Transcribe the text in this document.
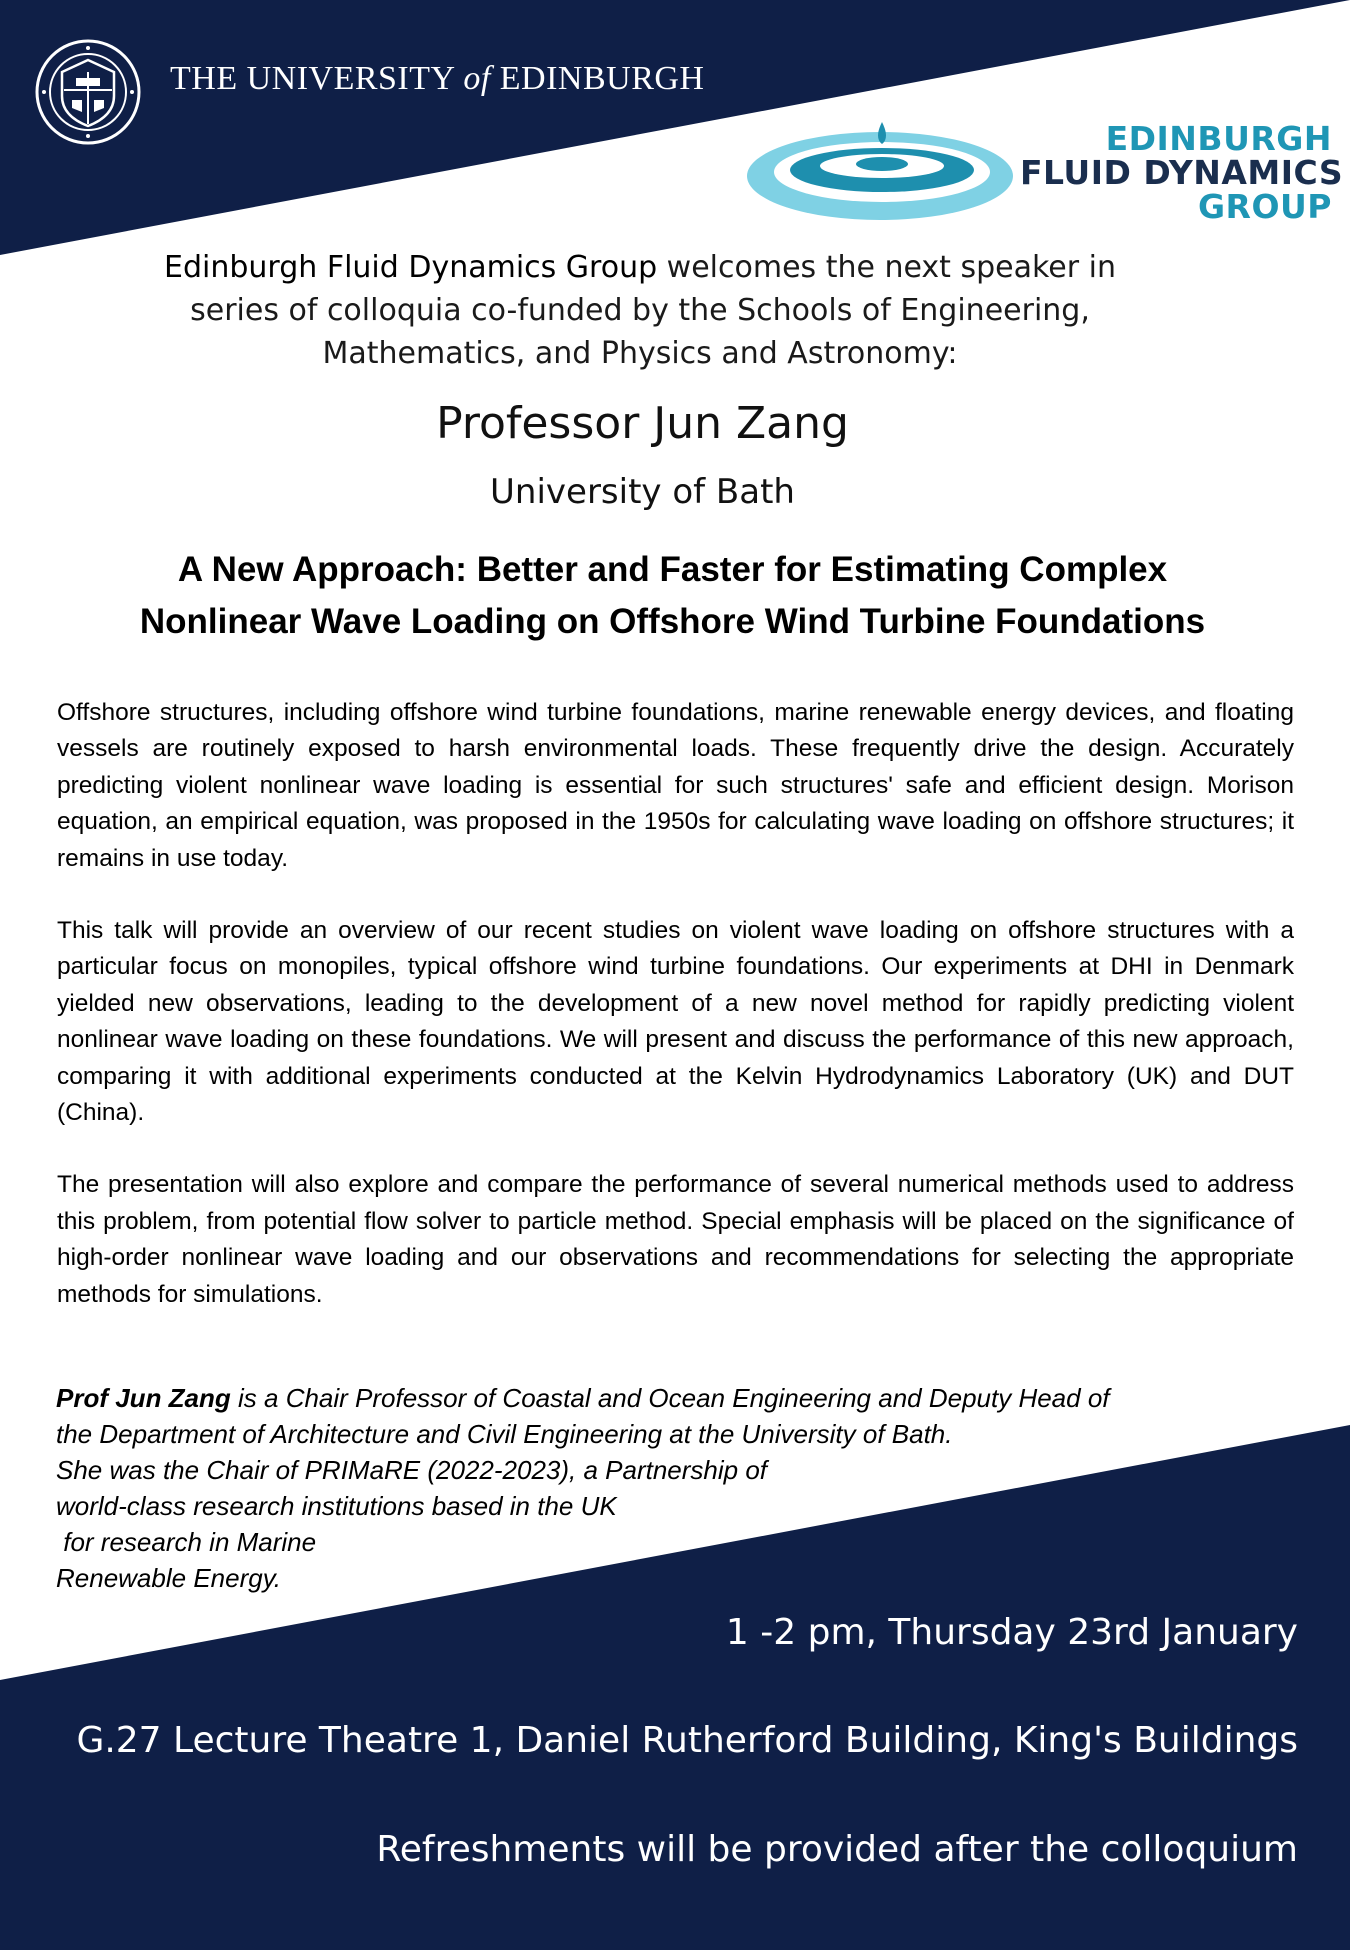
THE UNIVERSITY of EDINBURGH
EDINBURGH
FLUID DYNAMICS
GROUP
Edinburgh Fluid Dynamics Group welcomes the next speaker in
series of colloquia co-funded by the Schools of Engineering,
Mathematics, and Physics and Astronomy:
Professor Jun Zang
University of Bath
A New Approach: Better and Faster for Estimating Complex
Nonlinear Wave Loading on Offshore Wind Turbine Foundations

Offshore structures, including offshore wind turbine foundations, marine renewable energy devices, and floating vessels are routinely exposed to harsh environmental loads. These frequently drive the design. Accurately predicting violent nonlinear wave loading is essential for such structures' safe and efficient design. Morison equation, an empirical equation, was proposed in the 1950s for calculating wave loading on offshore structures; it remains in use today.

This talk will provide an overview of our recent studies on violent wave loading on offshore structures with a particular focus on monopiles, typical offshore wind turbine foundations. Our experiments at DHI in Denmark yielded new observations, leading to the development of a new novel method for rapidly predicting violent nonlinear wave loading on these foundations. We will present and discuss the performance of this new approach, comparing it with additional experiments conducted at the Kelvin Hydrodynamics Laboratory (UK) and DUT (China).

The presentation will also explore and compare the performance of several numerical methods used to address this problem, from potential flow solver to particle method. Special emphasis will be placed on the significance of high-order nonlinear wave loading and our observations and recommendations for selecting the appropriate methods for simulations.

Prof Jun Zang is a Chair Professor of Coastal and Ocean Engineering and Deputy Head of
the Department of Architecture and Civil Engineering at the University of Bath.
She was the Chair of PRIMaRE (2022-2023), a Partnership of
world-class research institutions based in the UK
for research in Marine
Renewable Energy.
1 -2 pm, Thursday 23rd January
G.27 Lecture Theatre 1, Daniel Rutherford Building, King's Buildings
Refreshments will be provided after the colloquium
